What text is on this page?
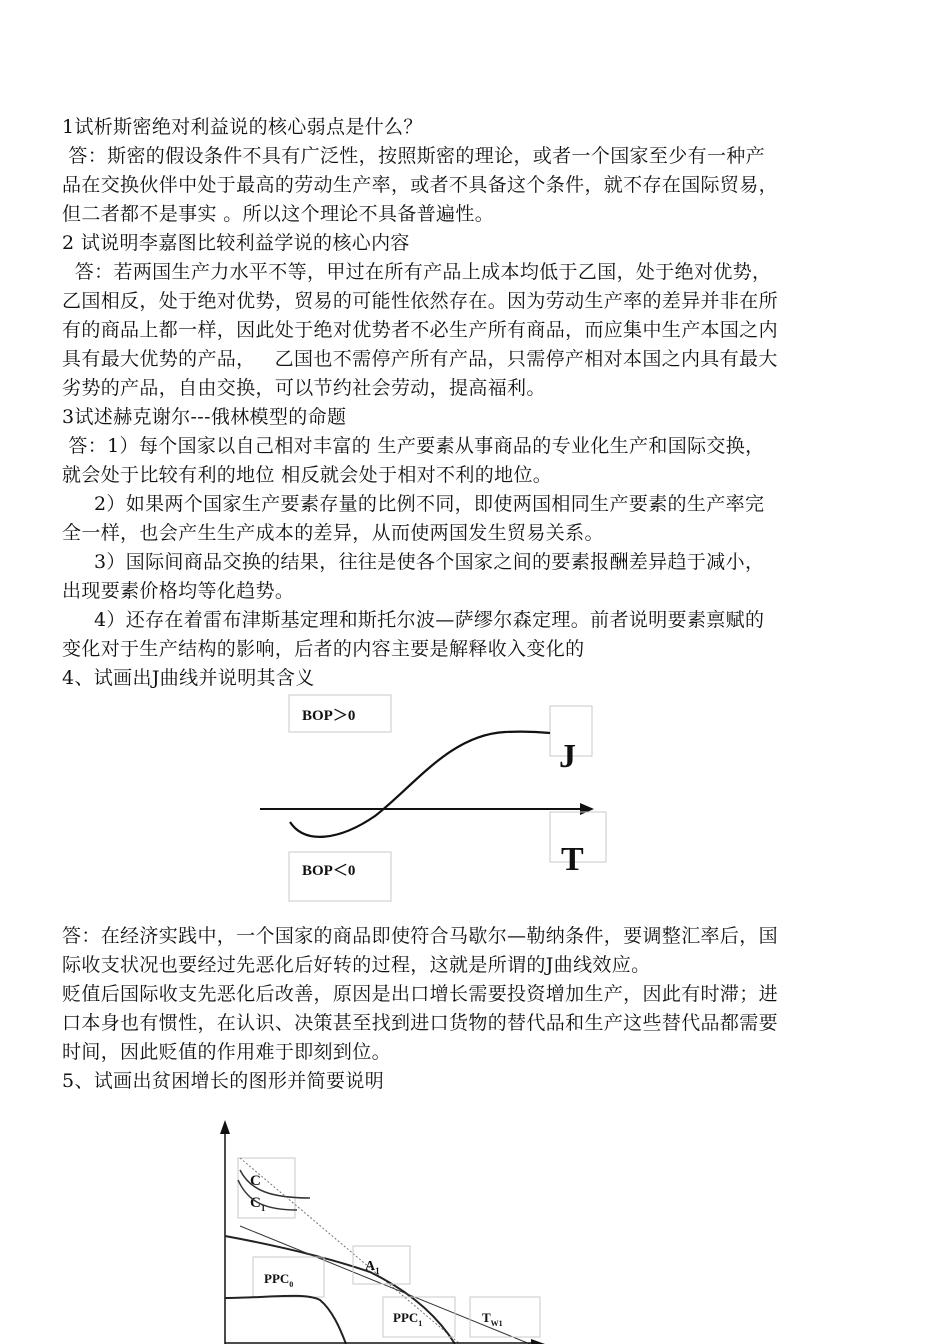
1试析斯密绝对利益说的核心弱点是什么？
答：斯密的假设条件不具有广泛性，按照斯密的理论，或者一个国家至少有一种产
品在交换伙伴中处于最高的劳动生产率，或者不具备这个条件，就不存在国际贸易，
但二者都不是事实 。所以这个理论不具备普遍性。
2 试说明李嘉图比较利益学说的核心内容
答：若两国生产力水平不等，甲过在所有产品上成本均低于乙国，处于绝对优势，
乙国相反，处于绝对优势，贸易的可能性依然存在。因为劳动生产率的差异并非在所
有的商品上都一样，因此处于绝对优势者不必生产所有商品，而应集中生产本国之内
具有最大优势的产品，   乙国也不需停产所有产品，只需停产相对本国之内具有最大
劣势的产品，自由交换，可以节约社会劳动，提高福利。
3试述赫克谢尔---俄林模型的命题
答：1）每个国家以自己相对丰富的 生产要素从事商品的专业化生产和国际交换，
就会处于比较有利的地位 相反就会处于相对不利的地位。
2）如果两个国家生产要素存量的比例不同，即使两国相同生产要素的生产率完
全一样，也会产生生产成本的差异，从而使两国发生贸易关系。
3）国际间商品交换的结果，往往是使各个国家之间的要素报酬差异趋于减小，
出现要素价格均等化趋势。
4）还存在着雷布津斯基定理和斯托尔波—萨缪尔森定理。前者说明要素禀赋的
变化对于生产结构的影响，后者的内容主要是解释收入变化的
4、试画出J曲线并说明其含义
BOP＞0
J
T
BOP＜0
答：在经济实践中，一个国家的商品即使符合马歇尔—勒纳条件，要调整汇率后，国
际收支状况也要经过先恶化后好转的过程，这就是所谓的J曲线效应。
贬值后国际收支先恶化后改善，原因是出口增长需要投资增加生产，因此有时滞；进
口本身也有惯性，在认识、决策甚至找到进口货物的替代品和生产这些替代品都需要
时间，因此贬值的作用难于即刻到位。
5、试画出贫困增长的图形并简要说明
C
$C_1$
$A_1$
$PPC_0$
$PPC_1$	$T_{W1}$
